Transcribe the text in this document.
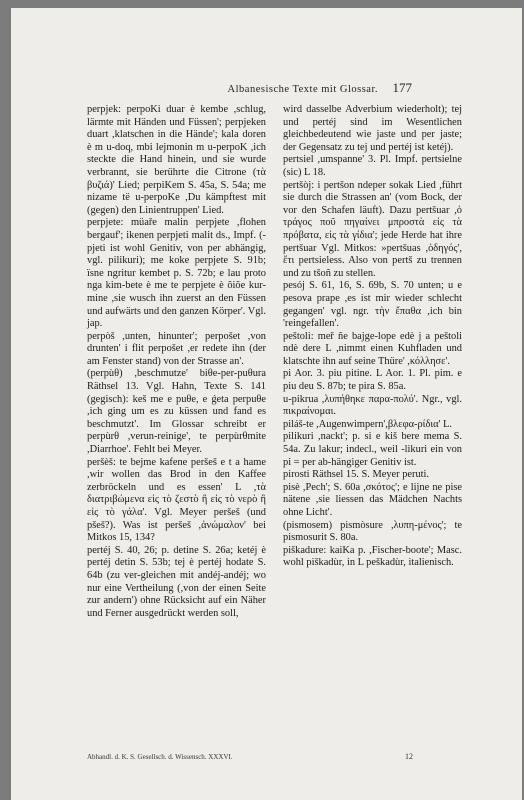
Albanesische Texte mit Glossar. 177

perpjek: perpoKi duar è kembe ,schlug, lärmte mit Händen und Füssen'; perpjeken duart ,klatschen in die Hände'; kala doren è m u-doq, mbi lejmonin m u-perpoK ,ich steckte die Hand hinein, und sie wurde verbrannt, sie berührte die Citrone (τὰ βυζιά)' Lied; perpiKem S. 45a, S. 54a; me nizame të u-perpoKe ,Du kämpftest mit (gegen) den Linientruppen' Lied.

perpjete: müaře malin perpjete ,flohen bergauf'; ikenen perpjeti malit ds., Impf. (-pjeti ist wohl Genitiv, von per abhängig, vgl. pilikuri); me koke perpjete S. 91b; ïsne ngritur kembet p. S. 72b; e lau proto nga kim-bete è me te perpjete è ŏiŏe kur-mine ,sie wusch ihn zuerst an den Füssen und aufwärts und den ganzen Körper'. Vgl. jap.

perpòš ,unten, hinunter'; perpošet ,von drunten' i flit perpošet ,er redete ihn (der am Fenster stand) von der Strasse an'.

(perpùθ) ,beschmutze' biθe-per-puθura Räthsel 13. Vgl. Hahn, Texte S. 141 (gegisch): keš me e puθe, e ǵeta perpuθe ,ich ging um es zu küssen und fand es beschmutzt'. Im Glossar schreibt er perpùrθ ,verun-reinige', te perpùrθmite ,Diarrhoe'. Fehlt bei Meyer.

peršèš: te bejme kafene peršeš e t a hame ,wir wollen das Brod in den Kaffee zerbröckeln und es essen' L ,τὰ διατριβώμενα εἰς τὸ ζεστὸ ἢ εἰς τὸ νερὸ ἢ εἰς τὸ γάλα'. Vgl. Meyer peršeš (und pšeš?). Was ist peršeš ,ἀνώμαλον' bei Mitkos 15, 134?

pertéj S. 40, 26; p. detine S. 26a; ketéj è pertéj detin S. 53b; tej è pertéj hodate S. 64b (zu ver-gleichen mit andéj-andéj; wo nur eine Vertheilung (,von der einen Seite zur andern') ohne Rücksicht auf ein Näher und Ferner ausgedrückt werden soll,

wird dasselbe Adverbium wiederholt); tej und pertéj sind im Wesentlichen gleichbedeutend wie jaste und per jaste; der Gegensatz zu tej und pertéj ist ketéj).

pertsiel ,umspanne' 3. Pl. Impf. pertsielne (sic) L 18.

pertšòj: i pertšon ndeper sokak Lied ,führt sie durch die Strassen an' (vom Bock, der vor den Schafen läuft). Dazu pertšuar ,ὁ τράγος ποῦ πηγαίνει μπροστὰ εἰς τὰ πρόβατα, εἰς τὰ γίδια'; jede Herde hat ihre pertšuar Vgl. Mitkos: »pertšuas ,ὁδηγός', ἔτι pertsieless. Also von pertš zu trennen und zu tšoñ zu stellen.

pesój S. 61, 16, S. 69b, S. 70 unten; u e pesova prape ,es ist mir wieder schlecht gegangen' vgl. ngr. τὴν ἔπαθα ,ich bin 'reingefallen'.

peštoli: meř ñe bajge-lope edè j a peštoli ndè dere L ,nimmt einen Kuhfladen und klatschte ihn auf seine Thüre' ,κόλλησε'.

pi Aor. 3. piu pitine. L Aor. 1. Pl. pim. e piu deu S. 87b; te pira S. 85a.

u-pikrua ,λυπήθηκε παρα-πολύ'. Ngr., vgl. πικραίνομαι.

piláš-te ,Augenwimpern',βλεφα-ρίδια' L.

pilikuri ,nackt'; p. si e kiš bere mema S. 54a. Zu lakur; indecl., weil -likuri ein von pi = per ab-hängiger Genitiv ist.

pirosti Räthsel 15. S. Meyer peruti.

pisè ,Pech'; S. 60a ,σκότος'; e lijne ne pise nätene ,sie liessen das Mädchen Nachts ohne Licht'.

(pismosem) pismòsure ,λυπη-μένος'; te pismosurit S. 80a.

piškadure: kaiKa p. ,Fischer-boote'; Masc. wohl piškadùr, in L peškadùr, italienisch.

Abhandl. d. K. S. Gesellsch. d. Wissensch. XXXVI.	12
